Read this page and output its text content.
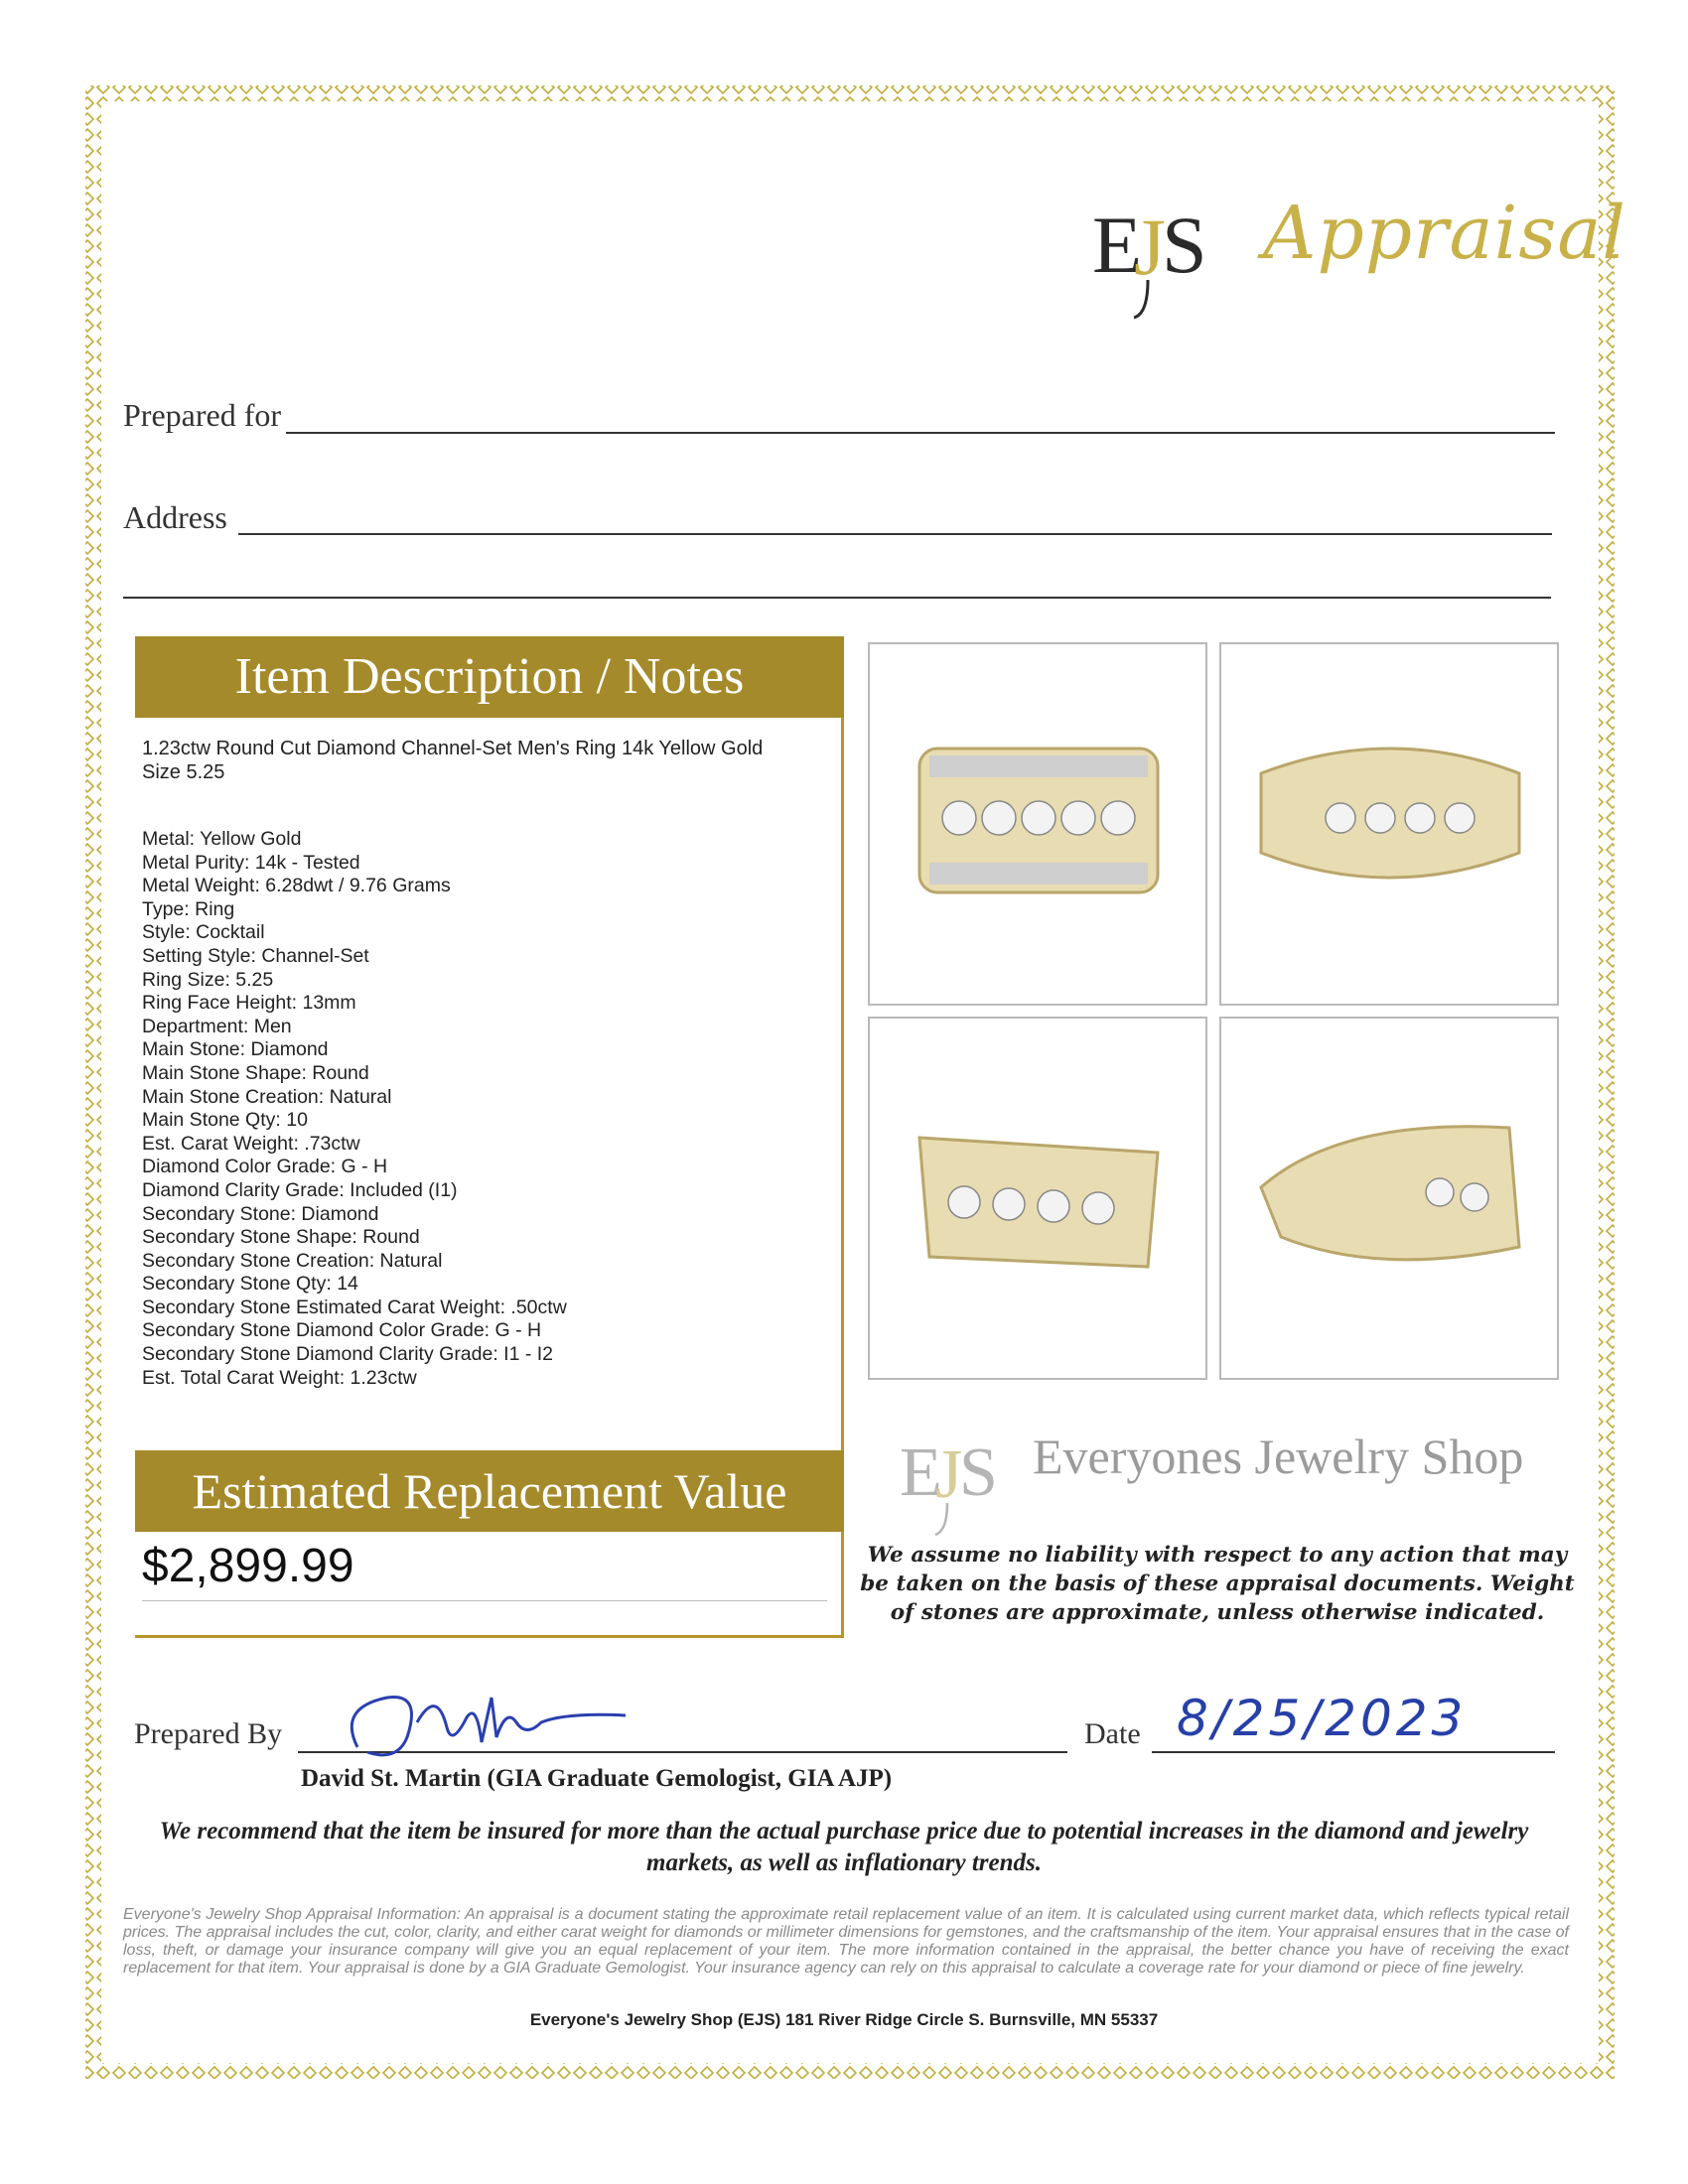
E
J
S Appraisal
Prepared for
Address
Item Description / Notes
1.23ctw Round Cut Diamond Channel-Set Men's Ring 14k Yellow Gold
Size 5.25
Metal: Yellow Gold
Metal Purity: 14k - Tested
Metal Weight: 6.28dwt / 9.76 Grams
Type: Ring
Style: Cocktail
Setting Style: Channel-Set
Ring Size: 5.25
Ring Face Height: 13mm
Department: Men
Main Stone: Diamond
Main Stone Shape: Round
Main Stone Creation: Natural
Main Stone Qty: 10
Est. Carat Weight: .73ctw
Diamond Color Grade: G - H
Diamond Clarity Grade: Included (I1)
Secondary Stone: Diamond
Secondary Stone Shape: Round
Secondary Stone Creation: Natural
Secondary Stone Qty: 14
Secondary Stone Estimated Carat Weight: .50ctw
Secondary Stone Diamond Color Grade: G - H
Secondary Stone Diamond Clarity Grade: I1 - I2
Est. Total Carat Weight: 1.23ctw
Estimated Replacement Value
$2,899.99
E
J
S Everyones Jewelry Shop
We assume no liability with respect to any action that may be taken on the basis of these appraisal documents. Weight of stones are approximate, unless otherwise indicated.
Prepared By	Date 8/25/2023
David St. Martin (GIA Graduate Gemologist, GIA AJP)
We recommend that the item be insured for more than the actual purchase price due to potential increases in the diamond and jewelry markets, as well as inflationary trends.
Everyone's Jewelry Shop Appraisal Information: An appraisal is a document stating the approximate retail replacement value of an item. It is calculated using current market data, which reflects typical retail prices. The appraisal includes the cut, color, clarity, and either carat weight for diamonds or millimeter dimensions for gemstones, and the craftsmanship of the item. Your appraisal ensures that in the case of loss, theft, or damage your insurance company will give you an equal replacement of your item. The more information contained in the appraisal, the better chance you have of receiving the exact replacement for that item. Your appraisal is done by a GIA Graduate Gemologist. Your insurance agency can rely on this appraisal to calculate a coverage rate for your diamond or piece of fine jewelry.
Everyone's Jewelry Shop (EJS) 181 River Ridge Circle S. Burnsville, MN 55337
